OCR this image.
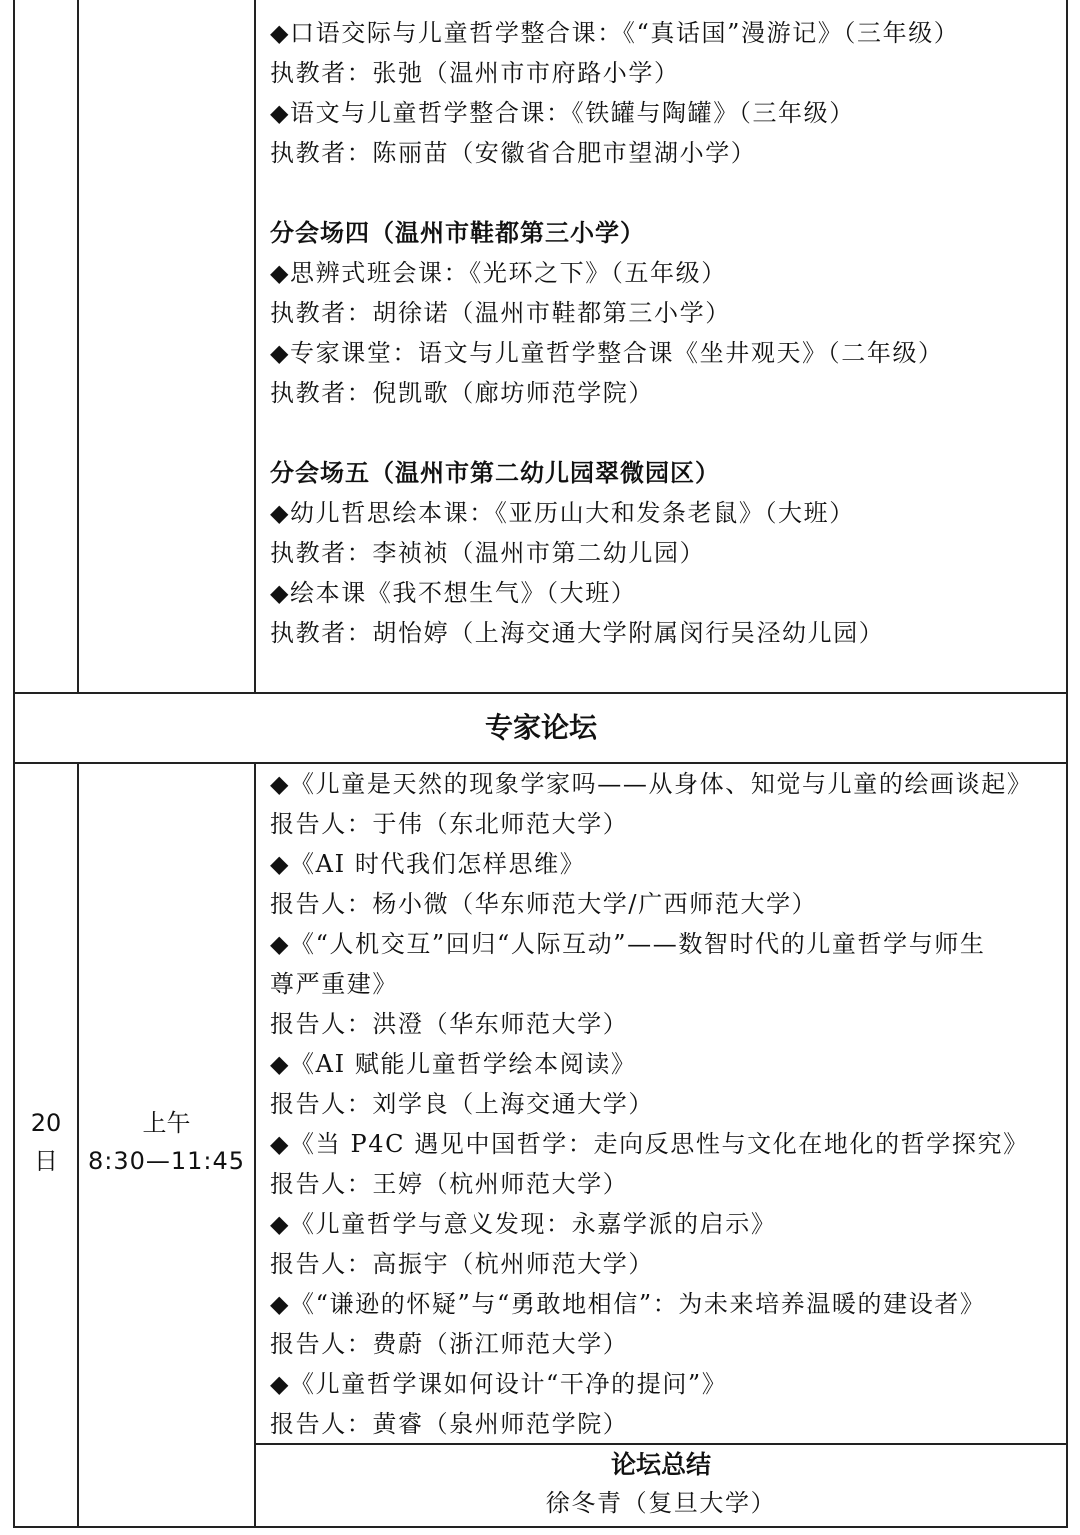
◆口语交际与儿童哲学整合课：《“真话国”漫游记》（三年级）
执教者：张弛（温州市市府路小学）
◆语文与儿童哲学整合课：《铁罐与陶罐》（三年级）
执教者：陈丽苗（安徽省合肥市望湖小学）
分会场四（温州市鞋都第三小学）
◆思辨式班会课：《光环之下》（五年级）
执教者：胡徐诺（温州市鞋都第三小学）
◆专家课堂：语文与儿童哲学整合课《坐井观天》（二年级）
执教者：倪凯歌（廊坊师范学院）
分会场五（温州市第二幼儿园翠微园区）
◆幼儿哲思绘本课：《亚历山大和发条老鼠》（大班）
执教者：李祯祯（温州市第二幼儿园）
◆绘本课《我不想生气》（大班）
执教者：胡怡婷（上海交通大学附属闵行吴泾幼儿园）
专家论坛
20
日
上午
8:30—11:45
◆《儿童是天然的现象学家吗——从身体、知觉与儿童的绘画谈起》
报告人：于伟（东北师范大学）
◆《AI 时代我们怎样思维》
报告人：杨小微（华东师范大学/广西师范大学）
◆《“人机交互”回归“人际互动”——数智时代的儿童哲学与师生
尊严重建》
报告人：洪澄（华东师范大学）
◆《AI 赋能儿童哲学绘本阅读》
报告人：刘学良（上海交通大学）
◆《当 P4C 遇见中国哲学：走向反思性与文化在地化的哲学探究》
报告人：王婷（杭州师范大学）
◆《儿童哲学与意义发现：永嘉学派的启示》
报告人：高振宇（杭州师范大学）
◆《“谦逊的怀疑”与“勇敢地相信”：为未来培养温暖的建设者》
报告人：费蔚（浙江师范大学）
◆《儿童哲学课如何设计“干净的提问”》
报告人：黄睿（泉州师范学院）
论坛总结
徐冬青（复旦大学）
